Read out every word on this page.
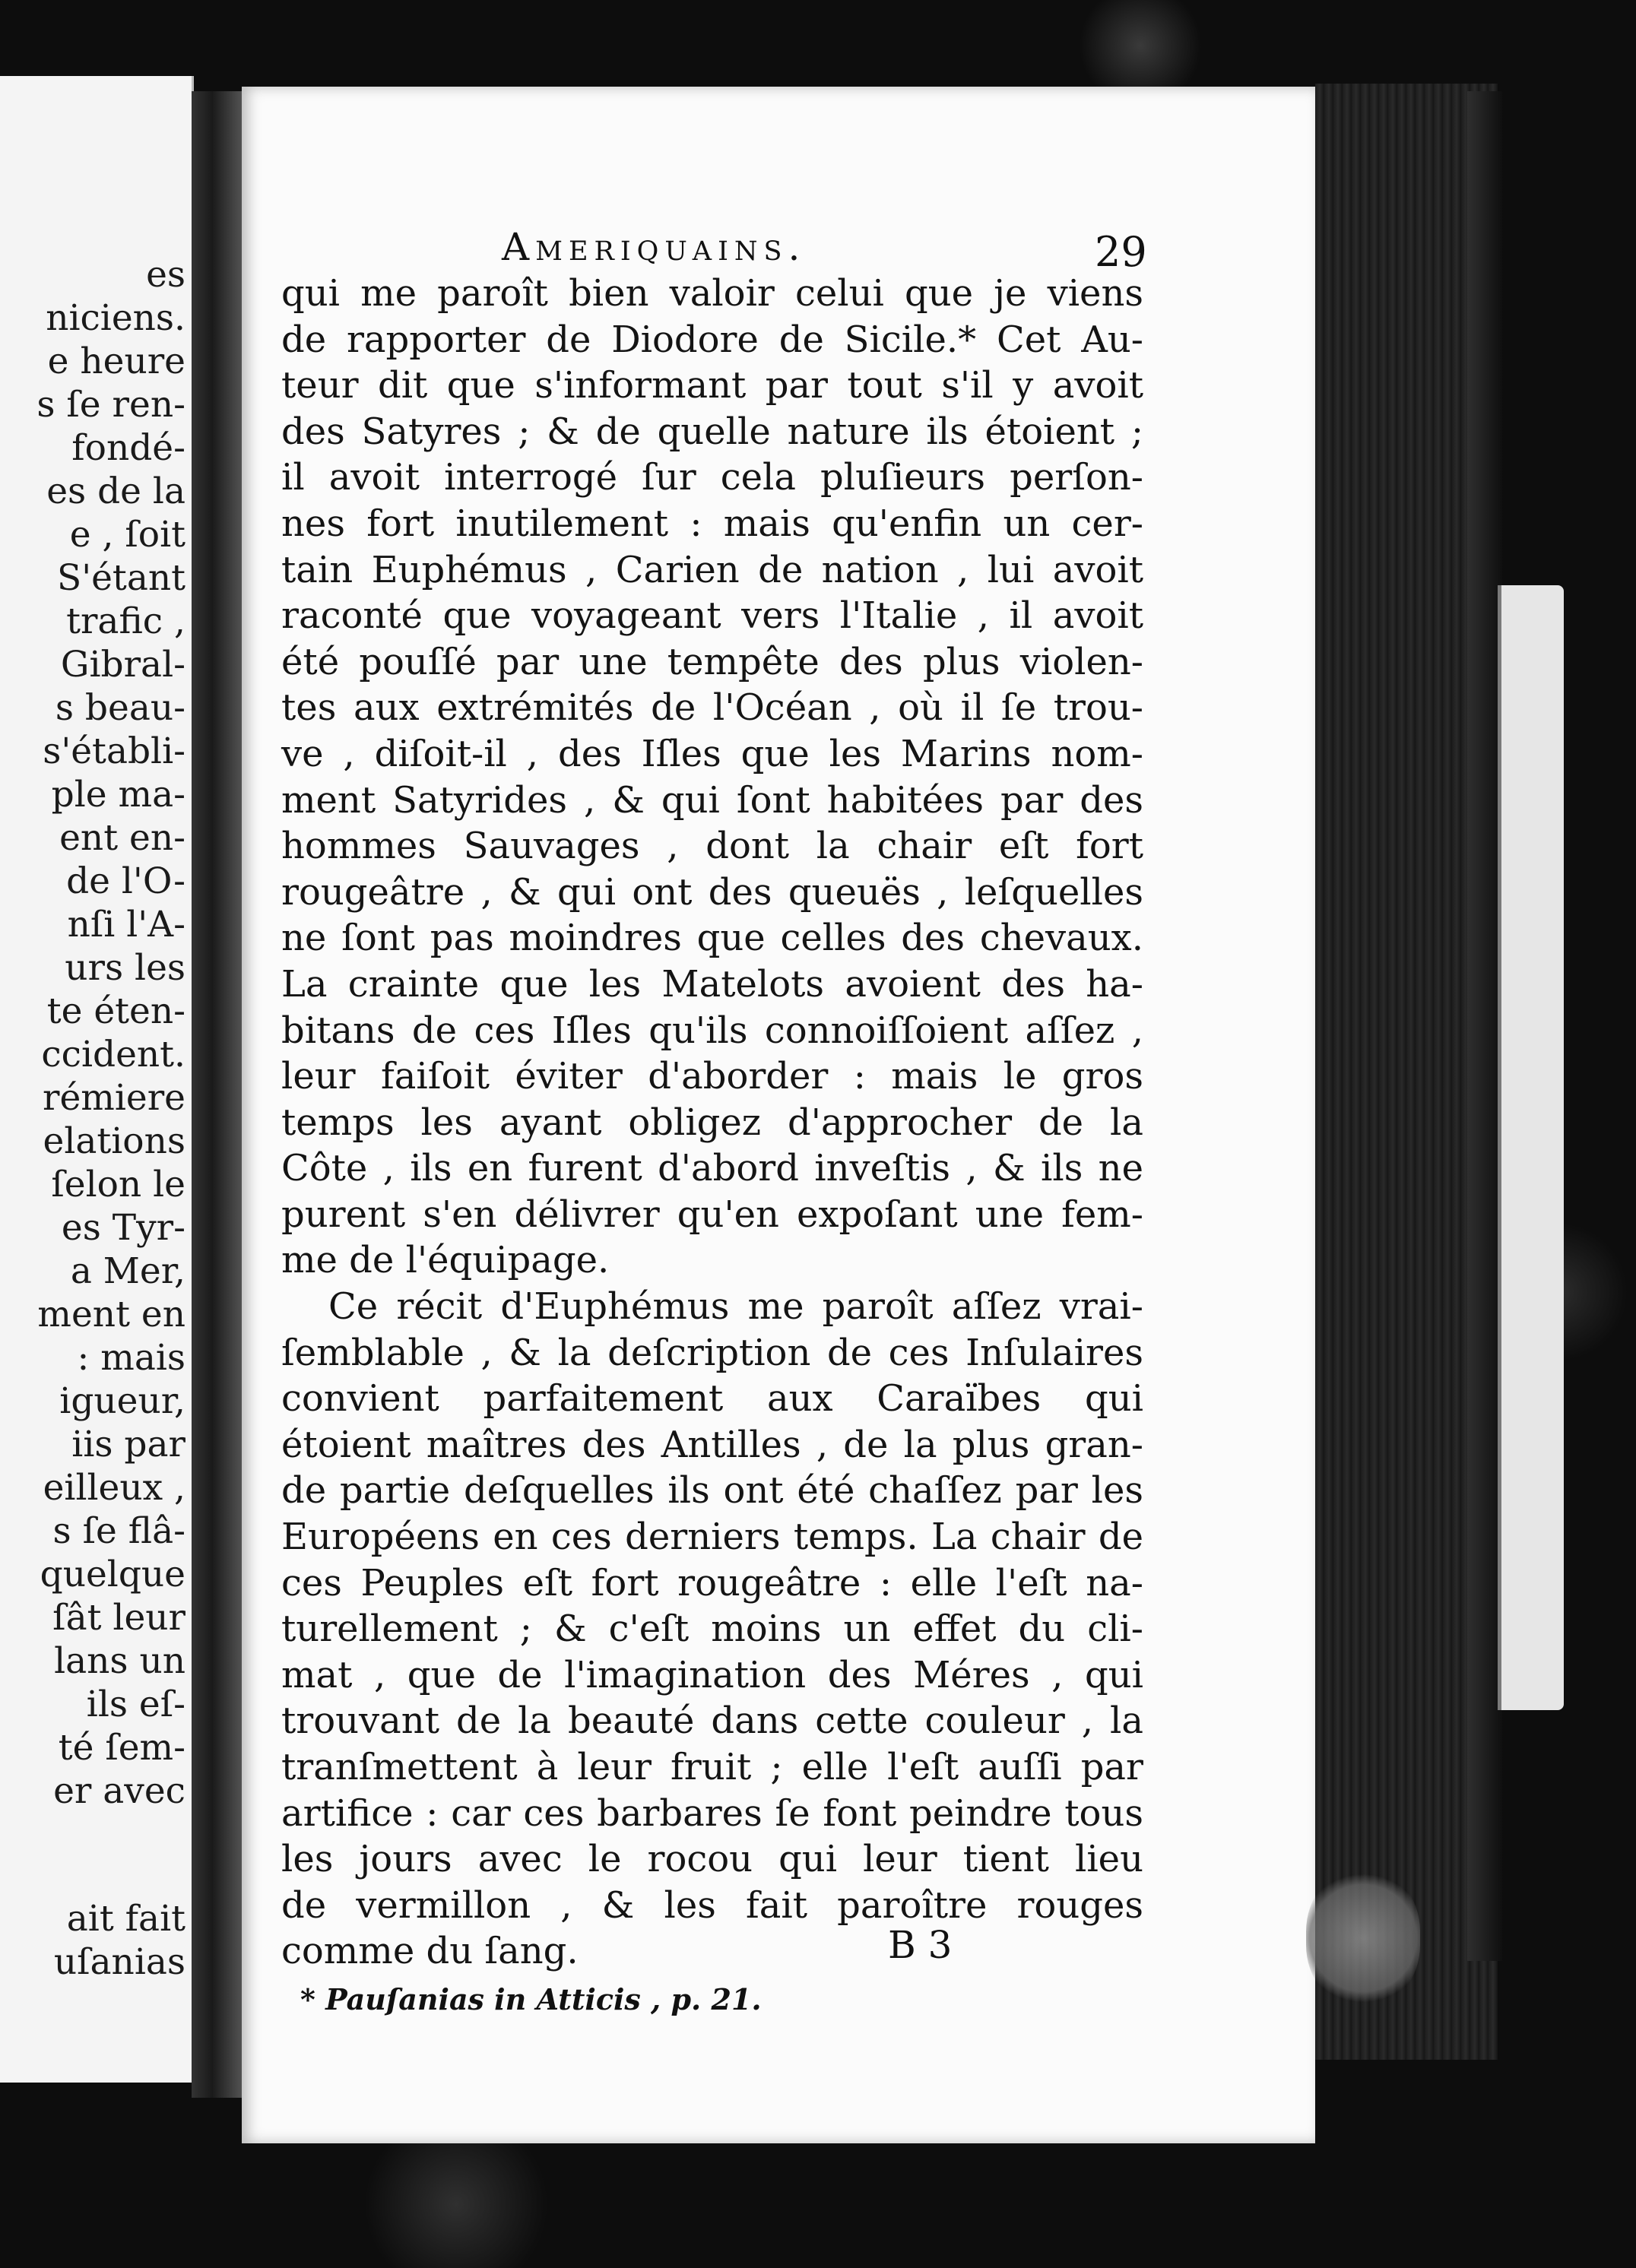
es
niciens.
e heure
s ſe ren-
fondé-
es de la
e , ſoit
S'étant
trafic ,
Gibral-
s beau-
s'établi-
ple ma-
ent en-
de l'O-
nſi l'A-
urs les
te éten-
ccident.
rémiere
elations
ſelon le
es Tyr-
a Mer,
ment en
: mais
igueur,
iis par
eilleux ,
s ſe flâ-
quelque
ſât leur
lans un
ils eſ-
té ſem-
er avec
ait fait
uſanias
Ameriquains.	29
qui me paroît bien valoir celui que je viens
de rapporter de Diodore de Sicile.* Cet Au-
teur dit que s'informant par tout s'il y avoit
des Satyres ; & de quelle nature ils étoient ;
il avoit interrogé ſur cela pluſieurs perſon-
nes fort inutilement : mais qu'enfin un cer-
tain Euphémus , Carien de nation , lui avoit
raconté que voyageant vers l'Italie , il avoit
été pouſſé par une tempête des plus violen-
tes aux extrémités de l'Océan , où il ſe trou-
ve , diſoit-il , des Iſles que les Marins nom-
ment Satyrides , & qui ſont habitées par des
hommes Sauvages , dont la chair eſt fort
rougeâtre , & qui ont des queuës , leſquelles
ne ſont pas moindres que celles des chevaux.
La crainte que les Matelots avoient des ha-
bitans de ces Iſles qu'ils connoiſſoient aſſez ,
leur faiſoit éviter d'aborder : mais le gros
temps les ayant obligez d'approcher de la
Côte , ils en furent d'abord inveſtis , & ils ne
purent s'en délivrer qu'en expoſant une fem-
me de l'équipage.
Ce récit d'Euphémus me paroît aſſez vrai-
ſemblable , & la deſcription de ces Inſulaires
convient parfaitement aux Caraïbes qui
étoient maîtres des Antilles , de la plus gran-
de partie deſquelles ils ont été chaſſez par les
Européens en ces derniers temps. La chair de
ces Peuples eſt fort rougeâtre : elle l'eſt na-
turellement ; & c'eſt moins un effet du cli-
mat , que de l'imagination des Méres , qui
trouvant de la beauté dans cette couleur , la
tranſmettent à leur fruit ; elle l'eſt auſſi par
artifice : car ces barbares ſe font peindre tous
les jours avec le rocou qui leur tient lieu
de vermillon , & les fait paroître rouges
comme du ſang.	B 3
* Pauſanias in Atticis , p. 21.
